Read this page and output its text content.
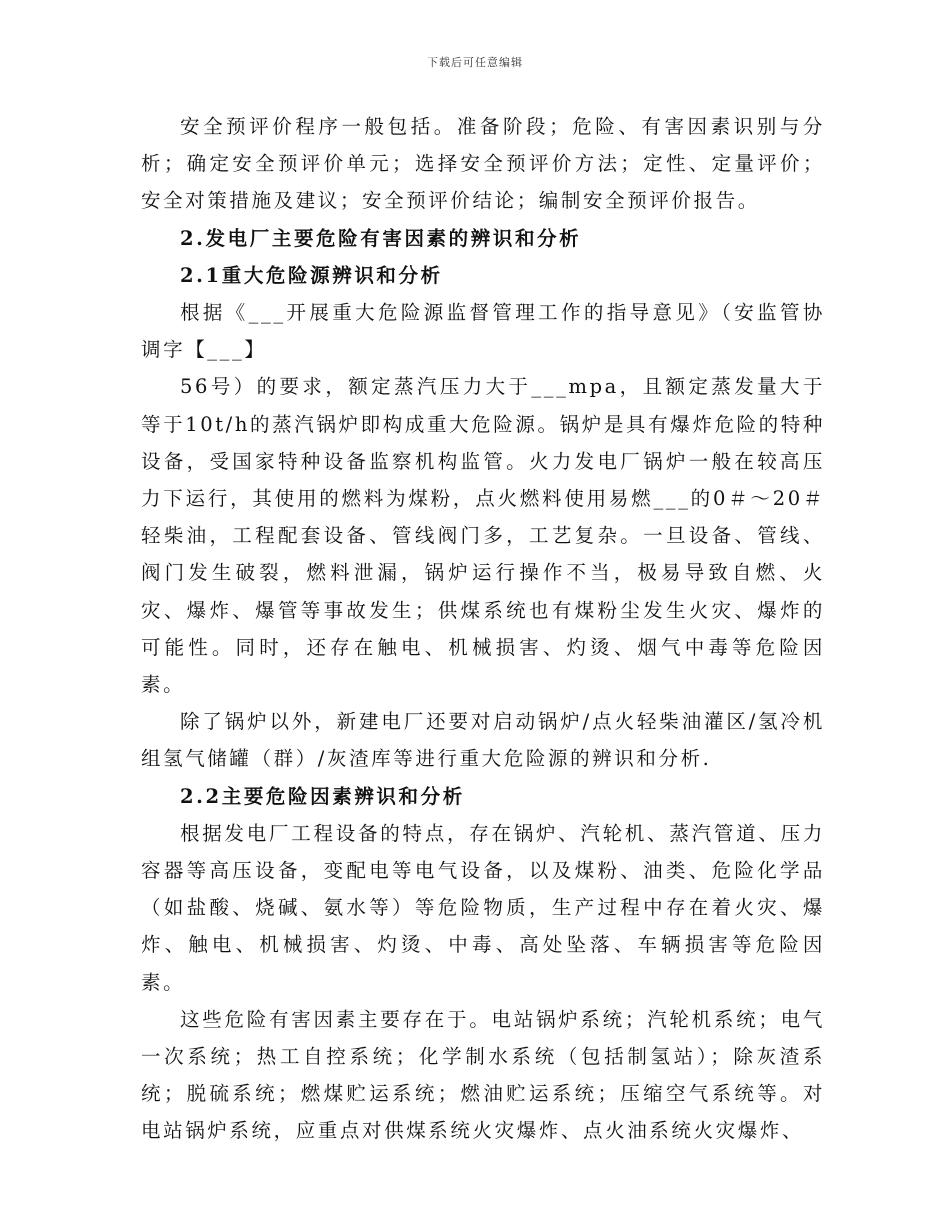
下载后可任意编辑

安全预评价程序一般包括。准备阶段；危险、有害因素识别与分析；确定安全预评价单元；选择安全预评价方法；定性、定量评价；安全对策措施及建议；安全预评价结论；编制安全预评价报告。

2.发电厂主要危险有害因素的辨识和分析

2.1重大危险源辨识和分析

根据《___开展重大危险源监督管理工作的指导意见》（安监管协调字【___】

56号）的要求，额定蒸汽压力大于___mpa，且额定蒸发量大于等于10t/h的蒸汽锅炉即构成重大危险源。锅炉是具有爆炸危险的特种设备，受国家特种设备监察机构监管。火力发电厂锅炉一般在较高压力下运行，其使用的燃料为煤粉，点火燃料使用易燃___的0＃～20＃轻柴油，工程配套设备、管线阀门多，工艺复杂。一旦设备、管线、阀门发生破裂，燃料泄漏，锅炉运行操作不当，极易导致自燃、火灾、爆炸、爆管等事故发生；供煤系统也有煤粉尘发生火灾、爆炸的可能性。同时，还存在触电、机械损害、灼烫、烟气中毒等危险因素。

除了锅炉以外，新建电厂还要对启动锅炉/点火轻柴油灌区/氢冷机组氢气储罐（群）/灰渣库等进行重大危险源的辨识和分析.

2.2主要危险因素辨识和分析

根据发电厂工程设备的特点，存在锅炉、汽轮机、蒸汽管道、压力容器等高压设备，变配电等电气设备，以及煤粉、油类、危险化学品（如盐酸、烧碱、氨水等）等危险物质，生产过程中存在着火灾、爆炸、触电、机械损害、灼烫、中毒、高处坠落、车辆损害等危险因素。

这些危险有害因素主要存在于。电站锅炉系统；汽轮机系统；电气一次系统；热工自控系统；化学制水系统（包括制氢站）；除灰渣系统；脱硫系统；燃煤贮运系统；燃油贮运系统；压缩空气系统等。对电站锅炉系统，应重点对供煤系统火灾爆炸、点火油系统火灾爆炸、
